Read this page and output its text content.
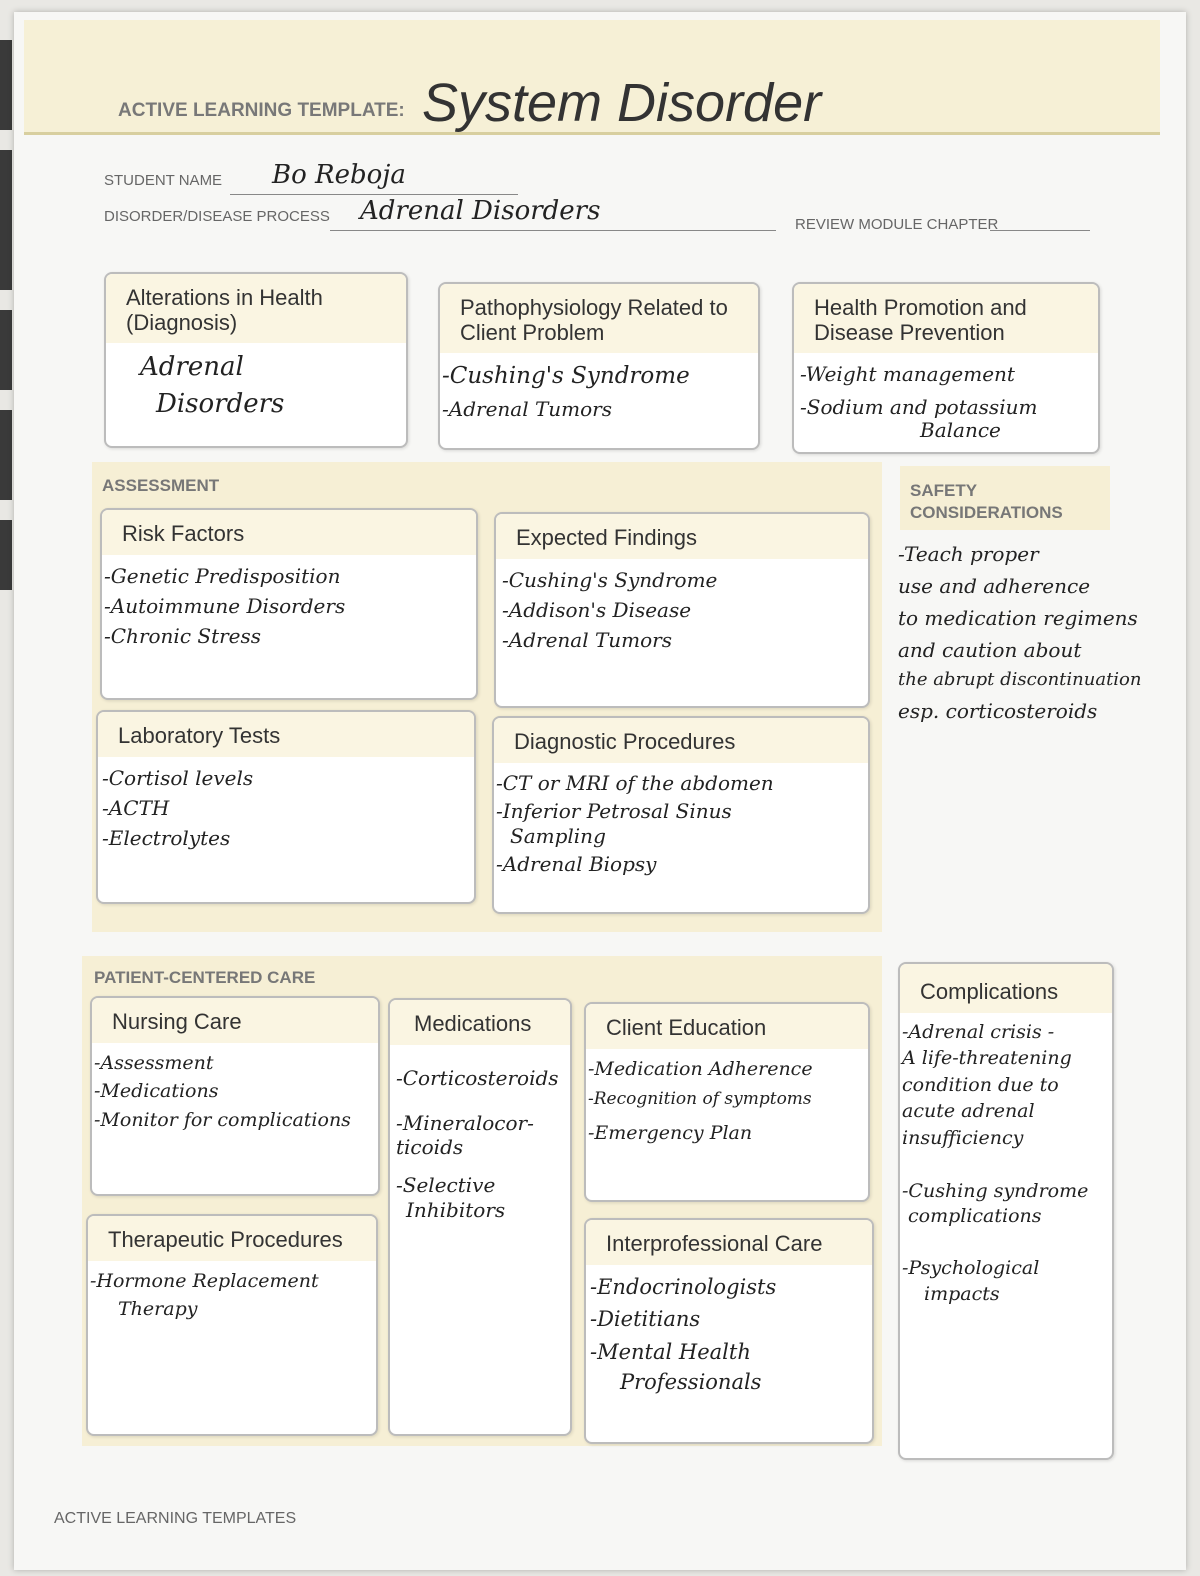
ACTIVE LEARNING TEMPLATE: System Disorder
STUDENT NAME Bo Reboja
DISORDER/DISEASE PROCESS Adrenal Disorders	REVIEW MODULE CHAPTER
Alterations in Health (Diagnosis)
Adrenal
Disorders
Pathophysiology Related to Client Problem
-Cushing's Syndrome
-Adrenal Tumors
Health Promotion and Disease Prevention
-Weight management
-Sodium and potassium
Balance
ASSESSMENT
Risk Factors
-Genetic Predisposition
-Autoimmune Disorders
-Chronic Stress
Expected Findings
-Cushing's Syndrome
-Addison's Disease
-Adrenal Tumors
Laboratory Tests
-Cortisol levels
-ACTH
-Electrolytes
Diagnostic Procedures
-CT or MRI of the abdomen
-Inferior Petrosal Sinus
Sampling
-Adrenal Biopsy
SAFETY
CONSIDERATIONS
-Teach proper
use and adherence
to medication regimens
and caution about
the abrupt discontinuation
esp. corticosteroids
PATIENT-CENTERED CARE
Nursing Care
-Assessment
-Medications
-Monitor for complications
Medications
-Corticosteroids
-Mineralocor-
ticoids
-Selective
Inhibitors
Client Education
-Medication Adherence
-Recognition of symptoms
-Emergency Plan
Therapeutic Procedures
-Hormone Replacement
Therapy
Interprofessional Care
-Endocrinologists
-Dietitians
-Mental Health
Professionals
Complications
-Adrenal crisis -
A life-threatening
condition due to
acute adrenal
insufficiency
-Cushing syndrome
complications
-Psychological
impacts
ACTIVE LEARNING TEMPLATES
